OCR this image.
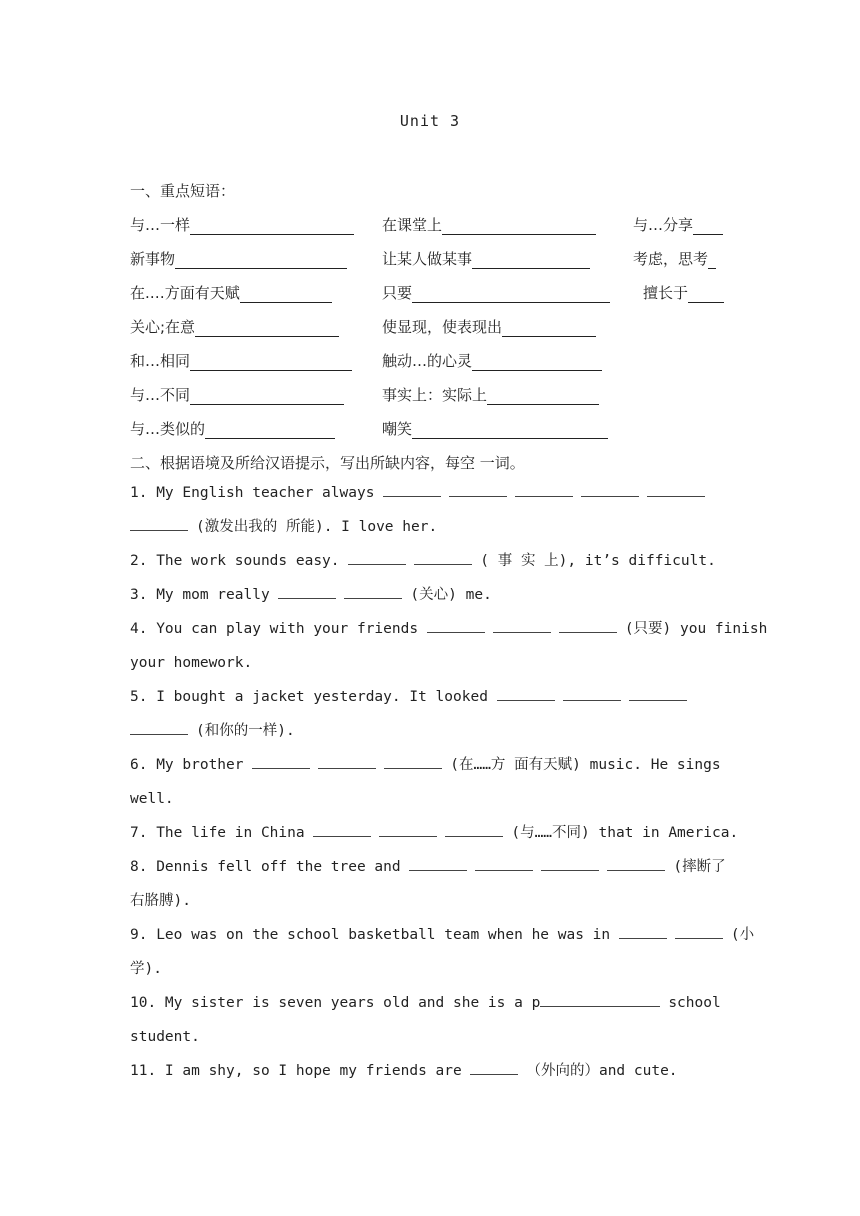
Unit 3
一、重点短语：
与…一样	在课堂上	与…分享
新事物	让某人做某事	考虑，思考
在.…方面有天赋	只要	擅长于
关心;在意	使显现，使表现出
和…相同	触动…的心灵
与…不同	事实上：实际上
与…类似的	嘲笑
二、根据语境及所给汉语提示，写出所缺内容，每空 一词。
1. My English teacher always
(激发出我的 所能). I love her.
2. The work sounds easy.	( 事 实 上), it’s difficult.
3. My mom really	(关心) me.
4. You can play with your friends	(只要) you finish
your homework.
5. I bought a jacket yesterday. It looked
(和你的一样).
6. My brother	(在……方 面有天赋) music. He sings
well.
7. The life in China	(与……不同) that in America.
8. Dennis fell off the tree and	(摔断了
右胳膊).
9. Leo was on the school basketball team when he was in	(小
学).
10. My sister is seven years old and she is a p	school
student.
11. I am shy, so I hope my friends are	（外向的）and cute.
